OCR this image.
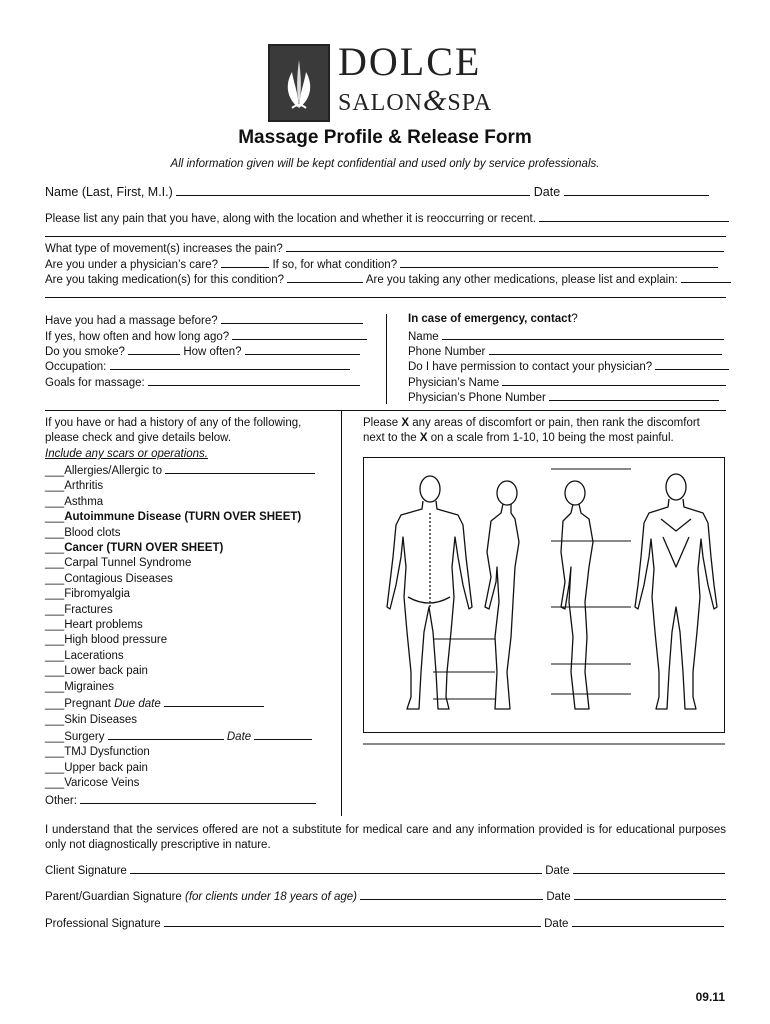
DOLCE
SALON&SPA
Massage Profile & Release Form
All information given will be kept confidential and used only by service professionals.
Name (Last, First, M.I.)	Date
Please list any pain that you have, along with the location and whether it is reoccurring or recent.
What type of movement(s) increases the pain?
Are you under a physician’s care?	If so, for what condition?
Are you taking medication(s) for this condition?	Are you taking any other medications, please list and explain:
Have you had a massage before?
If yes, how often and how long ago?
Do you smoke?	How often?
Occupation:
Goals for massage:
In case of emergency, contact?
Name
Phone Number
Do I have permission to contact your physician?
Physician’s Name
Physician’s Phone Number
If you have or had a history of any of the following,
please check and give details below.
Include any scars or operations.
___Allergies/Allergic to
___Arthritis
___Asthma
___Autoimmune Disease (TURN OVER SHEET)
___Blood clots
___Cancer (TURN OVER SHEET)
___Carpal Tunnel Syndrome
___Contagious Diseases
___Fibromyalgia
___Fractures
___Heart problems
___High blood pressure
___Lacerations
___Lower back pain
___Migraines
___Pregnant Due date
___Skin Diseases
___Surgery	Date
___TMJ Dysfunction
___Upper back pain
___Varicose Veins
Other:
Please X any areas of discomfort or pain, then rank the discomfort
next to the X on a scale from 1-10, 10 being the most painful.
I understand that the services offered are not a substitute for medical care and any information provided is for educational purposes
only not diagnostically prescriptive in nature.
Client Signature	Date
Parent/Guardian Signature (for clients under 18 years of age)	Date
Professional Signature	Date
09.11
